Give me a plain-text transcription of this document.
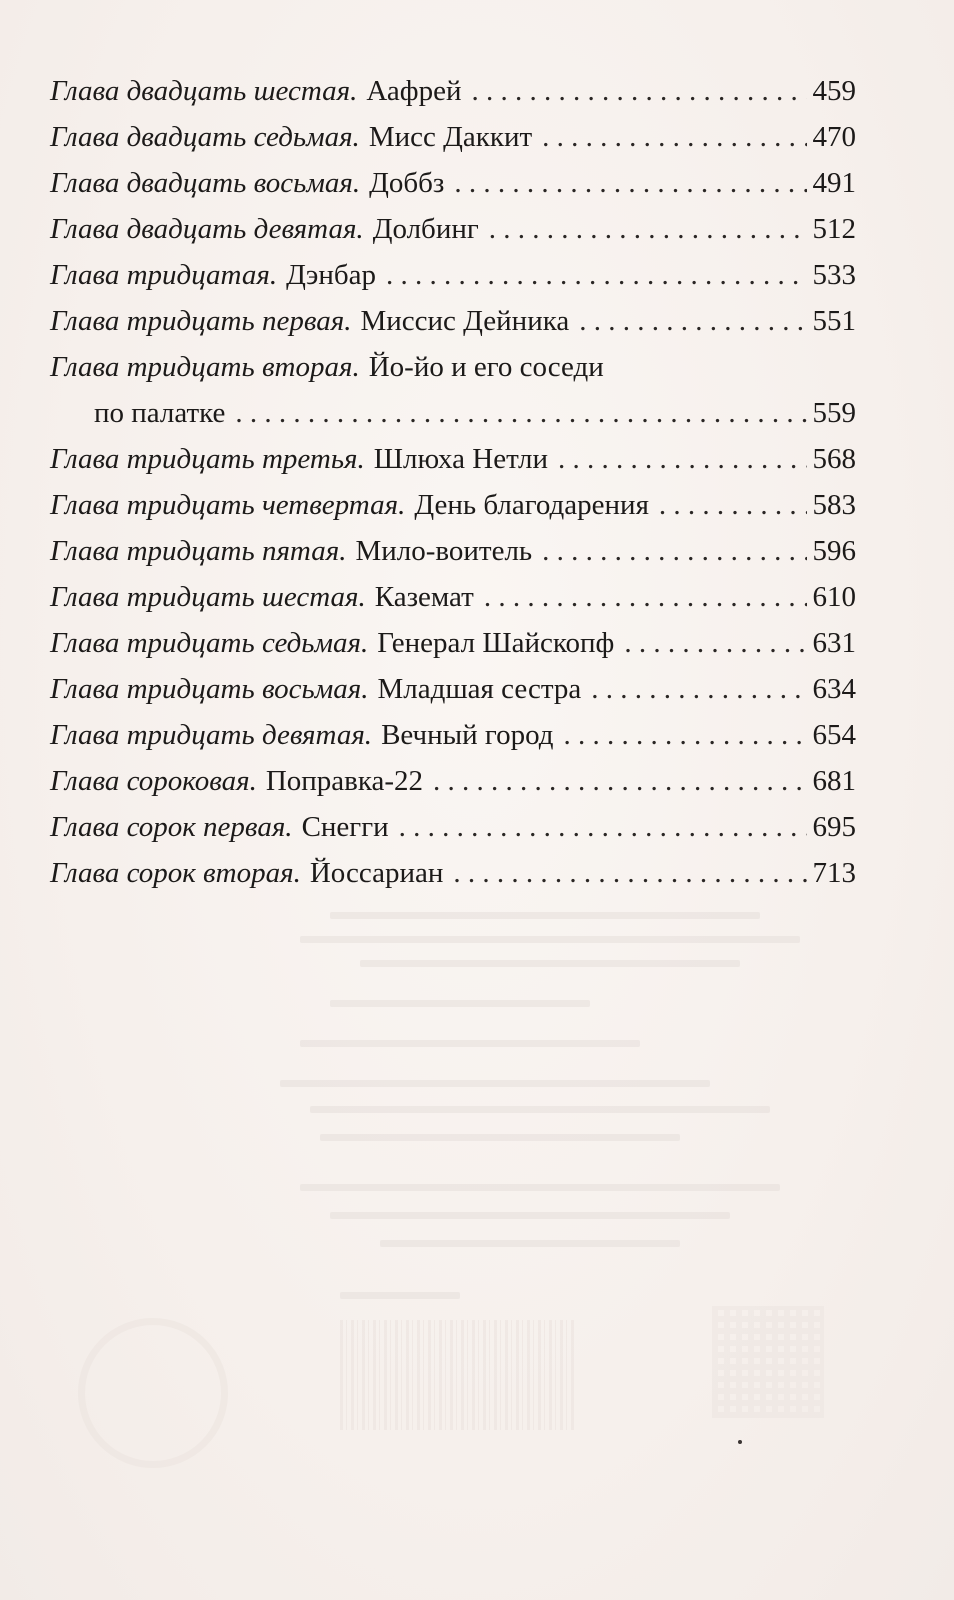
Глава двадцать шестая. Аафрей . . .	459
Глава двадцать седьмая. Мисс Даккит . . .	470
Глава двадцать восьмая. Доббз . . .	491
Глава двадцать девятая. Долбинг . . .	512
Глава тридцатая. Дэнбар . . .	533
Глава тридцать первая. Миссис Дейника . . .	551
Глава тридцать вторая. Йо-йо и его соседи
по палатке . . .	559
Глава тридцать третья. Шлюха Нетли . . .	568
Глава тридцать четвертая. День благодарения . . .	583
Глава тридцать пятая. Мило-воитель . . .	596
Глава тридцать шестая. Каземат . . .	610
Глава тридцать седьмая. Генерал Шайскопф . . .	631
Глава тридцать восьмая. Младшая сестра . . .	634
Глава тридцать девятая. Вечный город . . .	654
Глава сороковая. Поправка-22 . . .	681
Глава сорок первая. Снегги . . .	695
Глава сорок вторая. Йоссариан . . .	713
